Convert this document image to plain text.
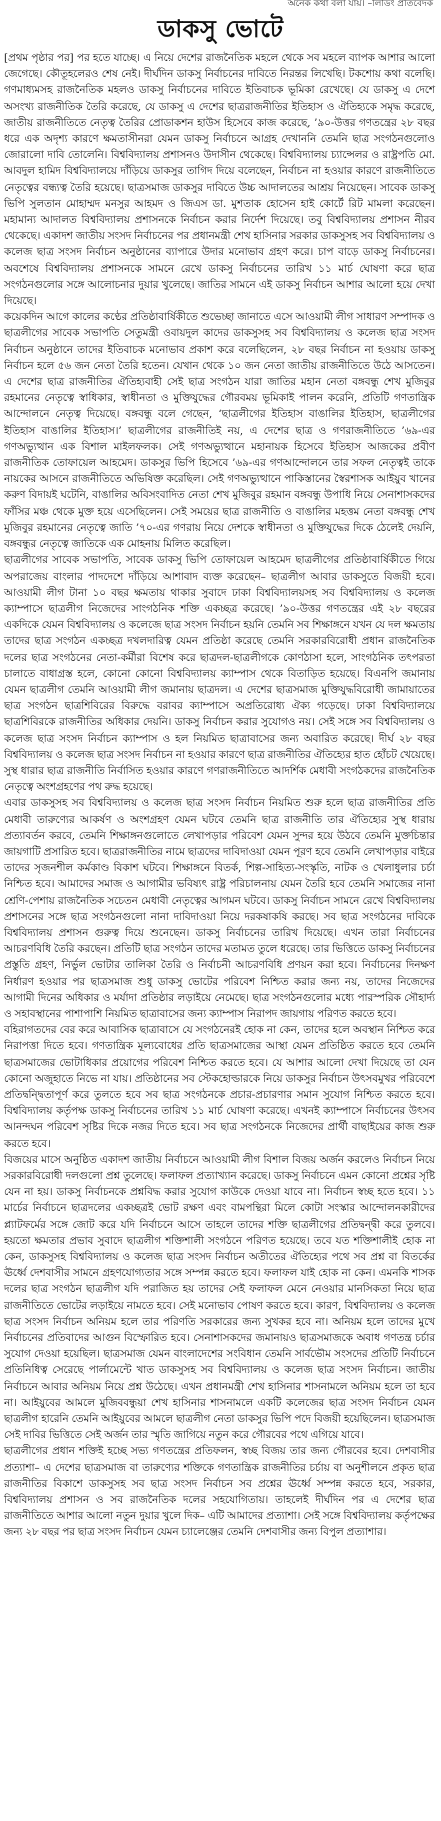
অনেক কথা বলা যায়। –লিডিং প্রতিবেদক
ডাকসু ভোটে

[প্রথম পৃষ্ঠার পর] পর হতে যাচ্ছে। এ নিয়ে দেশের রাজনৈতিক মহলে থেকে সব মহলে ব্যাপক আশার আলো জেগেছে। কৌতূহলেরও শেষ নেই। দীর্ঘদিন ডাকসু নির্বাচনের দাবিতে নিরন্তর লিখেছি। টকশোয় কথা বলেছি। গণমাধ্যমসহ রাজনৈতিক মহলও ডাকসু নির্বাচনের দাবিতে ইতিবাচক ভূমিকা রেখেছে। যে ডাকসু এ দেশে অসংখ্য রাজনীতিক তৈরি করেছে, যে ডাকসু এ দেশের ছাত্ররাজনীতির ইতিহাস ও ঐতিহ্যকে সমৃদ্ধ করেছে, জাতীয় রাজনীতিতে নেতৃত্ব তৈরির প্রোডাকশন হাউস হিসেবে কাজ করেছে, ’৯০-উত্তর গণতন্ত্রের ২৮ বছর ধরে এক অদৃশ্য কারণে ক্ষমতাসীনরা যেমন ডাকসু নির্বাচনে আগ্রহ দেখাননি তেমনি ছাত্র সংগঠনগুলোও জোরালো দাবি তোলেনি। বিশ্ববিদ্যালয় প্রশাসনও উদাসীন থেকেছে। বিশ্ববিদ্যালয় চ্যান্সেলর ও রাষ্ট্রপতি মো. আবদুল হামিদ বিশ্ববিদ্যালয়ে দাঁড়িয়ে ডাকসুর তাগিদ দিয়ে বলেছেন, নির্বাচন না হওয়ার কারণে রাজনীতিতে নেতৃত্বের বন্ধ্যত্ব তৈরি হয়েছে। ছাত্রসমাজ ডাকসুর দাবিতে উচ্চ আদালতের আশ্রয় নিয়েছেন। সাবেক ডাকসু ভিপি সুলতান মোহাম্মদ মনসুর আহমদ ও জিএস ডা. মুশতাক হোসেন হাই কোর্টে রিট মামলা করেছেন। মহামান্য আদালত বিশ্ববিদ্যালয় প্রশাসনকে নির্বাচন করার নির্দেশ দিয়েছে। তবু বিশ্ববিদ্যালয় প্রশাসন নীরব থেকেছে। একাদশ জাতীয় সংসদ নির্বাচনের পর প্রধানমন্ত্রী শেখ হাসিনার সরকার ডাকসুসহ সব বিশ্ববিদ্যালয় ও কলেজ ছাত্র সংসদ নির্বাচন অনুষ্ঠানের ব্যাপারে উদার মনোভাব গ্রহণ করে। চাপ বাড়ে ডাকসু নির্বাচনের। অবশেষে বিশ্ববিদ্যালয় প্রশাসনকে সামনে রেখে ডাকসু নির্বাচনের তারিখ ১১ মার্চ ঘোষণা করে ছাত্র সংগঠনগুলোর সঙ্গে আলোচনার দুয়ার খুলেছে। জাতির সামনে এই ডাকসু নির্বাচন আশার আলো হয়ে দেখা দিয়েছে।

কয়েকদিন আগে কালের কণ্ঠের প্রতিষ্ঠাবার্ষিকীতে শুভেচ্ছা জানাতে এসে আওয়ামী লীগ সাধারণ সম্পাদক ও ছাত্রলীগের সাবেক সভাপতি সেতুমন্ত্রী ওবায়দুল কাদের ডাকসুসহ সব বিশ্ববিদ্যালয় ও কলেজ ছাত্র সংসদ নির্বাচন অনুষ্ঠানে তাদের ইতিবাচক মনোভাব প্রকাশ করে বলেছিলেন, ২৮ বছর নির্বাচন না হওয়ায় ডাকসু নির্বাচন হলে ৫৬ জন নেতা তৈরি হতেন। যেখান থেকে ১০ জন নেতা জাতীয় রাজনীতিতে উঠে আসতেন। এ দেশের ছাত্র রাজনীতির ঐতিহ্যবাহী সেই ছাত্র সংগঠন যারা জাতির মহান নেতা বঙ্গবন্ধু শেখ মুজিবুর রহমানের নেতৃত্বে স্বাধিকার, স্বাধীনতা ও মুক্তিযুদ্ধের গৌরবময় ভূমিকাই পালন করেনি, প্রতিটি গণতান্ত্রিক আন্দোলনে নেতৃত্ব দিয়েছে। বঙ্গবন্ধু বলে গেছেন, ‘ছাত্রলীগের ইতিহাস বাঙালির ইতিহাস, ছাত্রলীগের ইতিহাস বাঙালির ইতিহাস।’ ছাত্রলীগের রাজনীতিই নয়, এ দেশের ছাত্র ও গণরাজনীতিতে ’৬৯-এর গণঅভ্যুত্থান এক বিশাল মাইলফলক। সেই গণঅভ্যুত্থানে মহানায়ক হিসেবে ইতিহাস আজকের প্রবীণ রাজনীতিক তোফায়েল আহমেদ। ডাকসুর ভিপি হিসেবে ’৬৯-এর গণআন্দোলনে তার সফল নেতৃত্বই তাকে নায়কের আসনে রাজনীতিতে অভিষিক্ত করেছিল। সেই গণঅভ্যুত্থানে পাকিস্তানের স্বৈরশাসক আইয়ুব খানের করুণ বিদায়ই ঘটেনি, বাঙালির অবিসংবাদিত নেতা শেখ মুজিবুর রহমান বঙ্গবন্ধু উপাধি নিয়ে সেনাশাসকদের ফাঁসির মঞ্চ থেকে মুক্ত হয়ে এসেছিলেন। সেই সময়ের ছাত্র রাজনীতি ও বাঙালির মহত্তম নেতা বঙ্গবন্ধু শেখ মুজিবুর রহমানের নেতৃত্বে জাতি ’৭০-এর গণরায় নিয়ে দেশকে স্বাধীনতা ও মুক্তিযুদ্ধের দিকে ঠেলেই দেয়নি, বঙ্গবন্ধুর নেতৃত্বে জাতিকে এক মোহনায় মিলিত করেছিল।

ছাত্রলীগের সাবেক সভাপতি, সাবেক ডাকসু ভিপি তোফায়েল আহমেদ ছাত্রলীগের প্রতিষ্ঠাবার্ষিকীতে গিয়ে অপরাজেয় বাংলার পাদদেশে দাঁড়িয়ে আশাবাদ ব্যক্ত করেছেন– ছাত্রলীগ আবার ডাকসুতে বিজয়ী হবে। আওয়ামী লীগ টানা ১০ বছর ক্ষমতায় থাকার সুবাদে ঢাকা বিশ্ববিদ্যালয়সহ সব বিশ্ববিদ্যালয় ও কলেজ ক্যাম্পাসে ছাত্রলীগ নিজেদের সাংগঠনিক শক্তি একচ্ছত্র করেছে। ’৯০-উত্তর গণতন্ত্রের এই ২৮ বছরের একদিকে যেমন বিশ্ববিদ্যালয় ও কলেজে ছাত্র সংসদ নির্বাচন হয়নি তেমনি সব শিক্ষাঙ্গনে যখন যে দল ক্ষমতায় তাদের ছাত্র সংগঠন একচ্ছত্র দখলদারিত্ব যেমন প্রতিষ্ঠা করেছে তেমনি সরকারবিরোধী প্রধান রাজনৈতিক দলের ছাত্র সংগঠনের নেতা-কর্মীরা বিশেষ করে ছাত্রদল-ছাত্রলীগকে কোণঠাসা হলে, সাংগঠনিক তৎপরতা চালাতে বাধাগ্রস্ত হলে, কোনো কোনো বিশ্ববিদ্যালয় ক্যাম্পাস থেকে বিতাড়িত হয়েছে। বিএনপি জমানায় যেমন ছাত্রলীগ তেমনি আওয়ামী লীগ জমানায় ছাত্রদল। এ দেশের ছাত্রসমাজ মুক্তিযুদ্ধবিরোধী জামায়াতের ছাত্র সংগঠন ছাত্রশিবিরের বিরুদ্ধে বরাবর ক্যাম্পাসে অপ্রতিরোধ্য ঐক্য গড়েছে। ঢাকা বিশ্ববিদ্যালয়ে ছাত্রশিবিরকে রাজনীতির অধিকার দেয়নি। ডাকসু নির্বাচন করার সুযোগও নয়। সেই সঙ্গে সব বিশ্ববিদ্যালয় ও কলেজ ছাত্র সংসদ নির্বাচন ক্যাম্পাস ও হল নিয়মিত ছাত্রাবাসের জন্য অবারিত করেছে। দীর্ঘ ২৮ বছর বিশ্ববিদ্যালয় ও কলেজ ছাত্র সংসদ নির্বাচন না হওয়ার কারণে ছাত্র রাজনীতির ঐতিহ্যের হাত হোঁচট খেয়েছে। সুস্থ ধারার ছাত্র রাজনীতি নির্বাসিত হওয়ার কারণে গণরাজনীতিতে আদর্শিক মেধাবী সংগঠকদের রাজনৈতিক নেতৃত্বে অংশগ্রহণের পথ রুদ্ধ হয়েছে।

এবার ডাকসুসহ সব বিশ্ববিদ্যালয় ও কলেজ ছাত্র সংসদ নির্বাচন নিয়মিত শুরু হলে ছাত্র রাজনীতির প্রতি মেধাবী তারুণ্যের আকর্ষণ ও অংশগ্রহণ যেমন ঘটবে তেমনি ছাত্র রাজনীতি তার ঐতিহ্যের সুস্থ ধারায় প্রত্যাবর্তন করবে, তেমনি শিক্ষাঙ্গনগুলোতে লেখাপড়ার পরিবেশ যেমন সুন্দর হয়ে উঠবে তেমনি মুক্তচিন্তার জায়গাটি প্রসারিত হবে। ছাত্ররাজনীতির নামে ছাত্রদের দাবিদাওয়া যেমন পূরণ হবে তেমনি লেখাপড়ার বাইরে তাদের সৃজনশীল কর্মকাণ্ড বিকাশ ঘটবে। শিক্ষাঙ্গনে বিতর্ক, শিল্প-সাহিত্য-সংস্কৃতি, নাটক ও খেলাধুলার চর্চা নিশ্চিত হবে। আমাদের সমাজ ও আগামীর ভবিষ্যৎ রাষ্ট্র পরিচালনায় যেমন তৈরি হবে তেমনি সমাজের নানা শ্রেণি-পেশায় রাজনৈতিক সচেতন মেধাবী নেতৃত্বের আগমন ঘটবে। ডাকসু নির্বাচন সামনে রেখে বিশ্ববিদ্যালয় প্রশাসনের সঙ্গে ছাত্র সংগঠনগুলো নানা দাবিদাওয়া নিয়ে দরকষাকষি করছে। সব ছাত্র সংগঠনের দাবিকে বিশ্ববিদ্যালয় প্রশাসন গুরুত্ব দিয়ে শুনেছেন। ডাকসু নির্বাচনের তারিখ দিয়েছে। এখন তারা নির্বাচনের আচরণবিধি তৈরি করছেন। প্রতিটি ছাত্র সংগঠন তাদের মতামত তুলে ধরেছে। তার ভিত্তিতে ডাকসু নির্বাচনের প্রস্তুতি গ্রহণ, নির্ভুল ভোটার তালিকা তৈরি ও নির্বাচনী আচরণবিধি প্রণয়ন করা হবে। নির্বাচনের দিনক্ষণ নির্ধারণ হওয়ার পর ছাত্রসমাজ শুধু ডাকসু ভোটের পরিবেশ নিশ্চিত করার জন্য নয়, তাদের নিজেদের আগামী দিনের অধিকার ও মর্যাদা প্রতিষ্ঠার লড়াইয়ে নেমেছে। ছাত্র সংগঠনগুলোর মধ্যে পারস্পরিক সৌহার্দ্য ও সহাবস্থানের পাশাপাশি নিয়মিত ছাত্রাবাসের জন্য ক্যাম্পাস নিরাপদ জায়গায় পরিণত করতে হবে।

বহিরাগতদের বের করে আবাসিক ছাত্রাবাসে যে সংগঠনেরই হোক না কেন, তাদের হলে অবস্থান নিশ্চিত করে নিরাপত্তা দিতে হবে। গণতান্ত্রিক মূল্যবোধের প্রতি ছাত্রসমাজের আস্থা যেমন প্রতিষ্ঠিত করতে হবে তেমনি ছাত্রসমাজের ভোটাধিকার প্রয়োগের পরিবেশ নিশ্চিত করতে হবে। যে আশার আলো দেখা দিয়েছে তা যেন কোনো অজুহাতে নিভে না যায়। প্রতিষ্ঠানের সব স্টেকহোল্ডারকে নিয়ে ডাকসুর নির্বাচন উৎসবমুখর পরিবেশে প্রতিদ্বন্দ্বিতাপূর্ণ করে তুলতে হবে সব ছাত্র সংগঠনকে প্রচার-প্রচারণার সমান সুযোগ নিশ্চিত করতে হবে। বিশ্ববিদ্যালয় কর্তৃপক্ষ ডাকসু নির্বাচনের তারিখ ১১ মার্চ ঘোষণা করেছে। এখনই ক্যাম্পাসে নির্বাচনের উৎসব আনন্দঘন পরিবেশ সৃষ্টির দিকে নজর দিতে হবে। সব ছাত্র সংগঠনকে নিজেদের প্রার্থী বাছাইয়ের কাজ শুরু করতে হবে।

বিজয়ের মাসে অনুষ্ঠিত একাদশ জাতীয় নির্বাচনে আওয়ামী লীগ বিশাল বিজয় অর্জন করলেও নির্বাচন নিয়ে সরকারবিরোধী দলগুলো প্রশ্ন তুলেছে। ফলাফল প্রত্যাখ্যান করেছে। ডাকসু নির্বাচনে এমন কোনো প্রশ্নের সৃষ্টি যেন না হয়। ডাকসু নির্বাচনকে প্রশ্নবিদ্ধ করার সুযোগ কাউকে দেওয়া যাবে না। নির্বাচন স্বচ্ছ হতে হবে। ১১ মার্চের নির্বাচনে ছাত্রদলের একচ্ছত্রই ভোট রক্ষণ এবং বামপন্থিরা মিলে কোটা সংস্কার আন্দোলনকারীদের প্ল্যাটফর্মের সঙ্গে জোট করে যদি নির্বাচনে আসে তাহলে তাদের শক্তি ছাত্রলীগের প্রতিদ্বন্দ্বী করে তুলবে। হয়তো ক্ষমতার প্রভাব সুবাদে ছাত্রলীগ শক্তিশালী সংগঠনে পরিণত হয়েছে। তবে যত শক্তিশালীই হোক না কেন, ডাকসুসহ বিশ্ববিদ্যালয় ও কলেজ ছাত্র সংসদ নির্বাচন অতীতের ঐতিহ্যের পথে সব প্রশ্ন বা বিতর্কের ঊর্ধ্বে দেশবাসীর সামনে গ্রহণযোগ্যতার সঙ্গে সম্পন্ন করতে হবে। ফলাফল যাই হোক না কেন। এমনকি শাসক দলের ছাত্র সংগঠন ছাত্রলীগ যদি পরাজিত হয় তাদের সেই ফলাফল মেনে নেওয়ার মানসিকতা নিয়ে ছাত্র রাজনীতিতে ভোটের লড়াইয়ে নামতে হবে। সেই মনোভাব পোষণ করতে হবে। কারণ, বিশ্ববিদ্যালয় ও কলেজ ছাত্র সংসদ নির্বাচন অনিয়ম হলে তার পরিণতি সরকারের জন্য সুখকর হবে না। অনিয়ম হলে তাদের মুখে নির্বাচনের প্রতিবাদের আগুন বিস্ফোরিত হবে। সেনাশাসকদের জমানায়ও ছাত্রসমাজকে অবাধ গণতন্ত্র চর্চার সুযোগ দেওয়া হয়েছিল। ছাত্রসমাজ যেমন বাংলাদেশের সংবিধান তেমনি সার্বভৌম সংসদের প্রতিটি নির্বাচনে প্রতিনিধিত্ব সেরেছে পার্লামেন্টে খাত ডাকসুসহ সব বিশ্ববিদ্যালয় ও কলেজ ছাত্র সংসদ নির্বাচন। জাতীয় নির্বাচনে আবার অনিয়ম নিয়ে প্রশ্ন উঠেছে। এখন প্রধানমন্ত্রী শেখ হাসিনার শাসনামলে অনিয়ম হলে তা হবে না। আইয়ুবের আমলে মুজিববন্ধুয়া শেখ হাসিনার শাসনামলে একটি কলেজের ছাত্র সংসদ নির্বাচন যেমন ছাত্রলীগ হারেনি তেমনি আইয়ুবের আমলে ছাত্রলীগ নেতা ডাকসুর ভিপি পদে বিজয়ী হয়েছিলেন। ছাত্রসমাজ সেই দাবির ভিত্তিতে সেই অর্জন তার স্মৃতি জাগিয়ে নতুন করে গৌরবের পথে এগিয়ে যাবে।

ছাত্রলীগের প্রধান শক্তিই হচ্ছে সভ্য গণতন্ত্রের প্রতিফলন, স্বচ্ছ বিজয় তার জন্য গৌরবের হবে। দেশবাসীর প্রত্যাশা– এ দেশের ছাত্রসমাজ বা তারুণ্যের শক্তিকে গণতান্ত্রিক রাজনীতির চর্চায় বা অনুশীলনে প্রকৃত ছাত্র রাজনীতির বিকাশে ডাকসুসহ সব ছাত্র সংসদ নির্বাচন সব প্রশ্নের ঊর্ধ্বে সম্পন্ন করতে হবে, সরকার, বিশ্ববিদ্যালয় প্রশাসন ও সব রাজনৈতিক দলের সহযোগিতায়। তাহলেই দীর্ঘদিন পর এ দেশের ছাত্র রাজনীতিতে আশার আলো নতুন দুয়ার খুলে দিক– এটি আমাদের প্রত্যাশা। সেই সঙ্গে বিশ্ববিদ্যালয় কর্তৃপক্ষের জন্য ২৮ বছর পর ছাত্র সংসদ নির্বাচন যেমন চ্যালেঞ্জের তেমনি দেশবাসীর জন্য বিপুল প্রত্যাশার।
